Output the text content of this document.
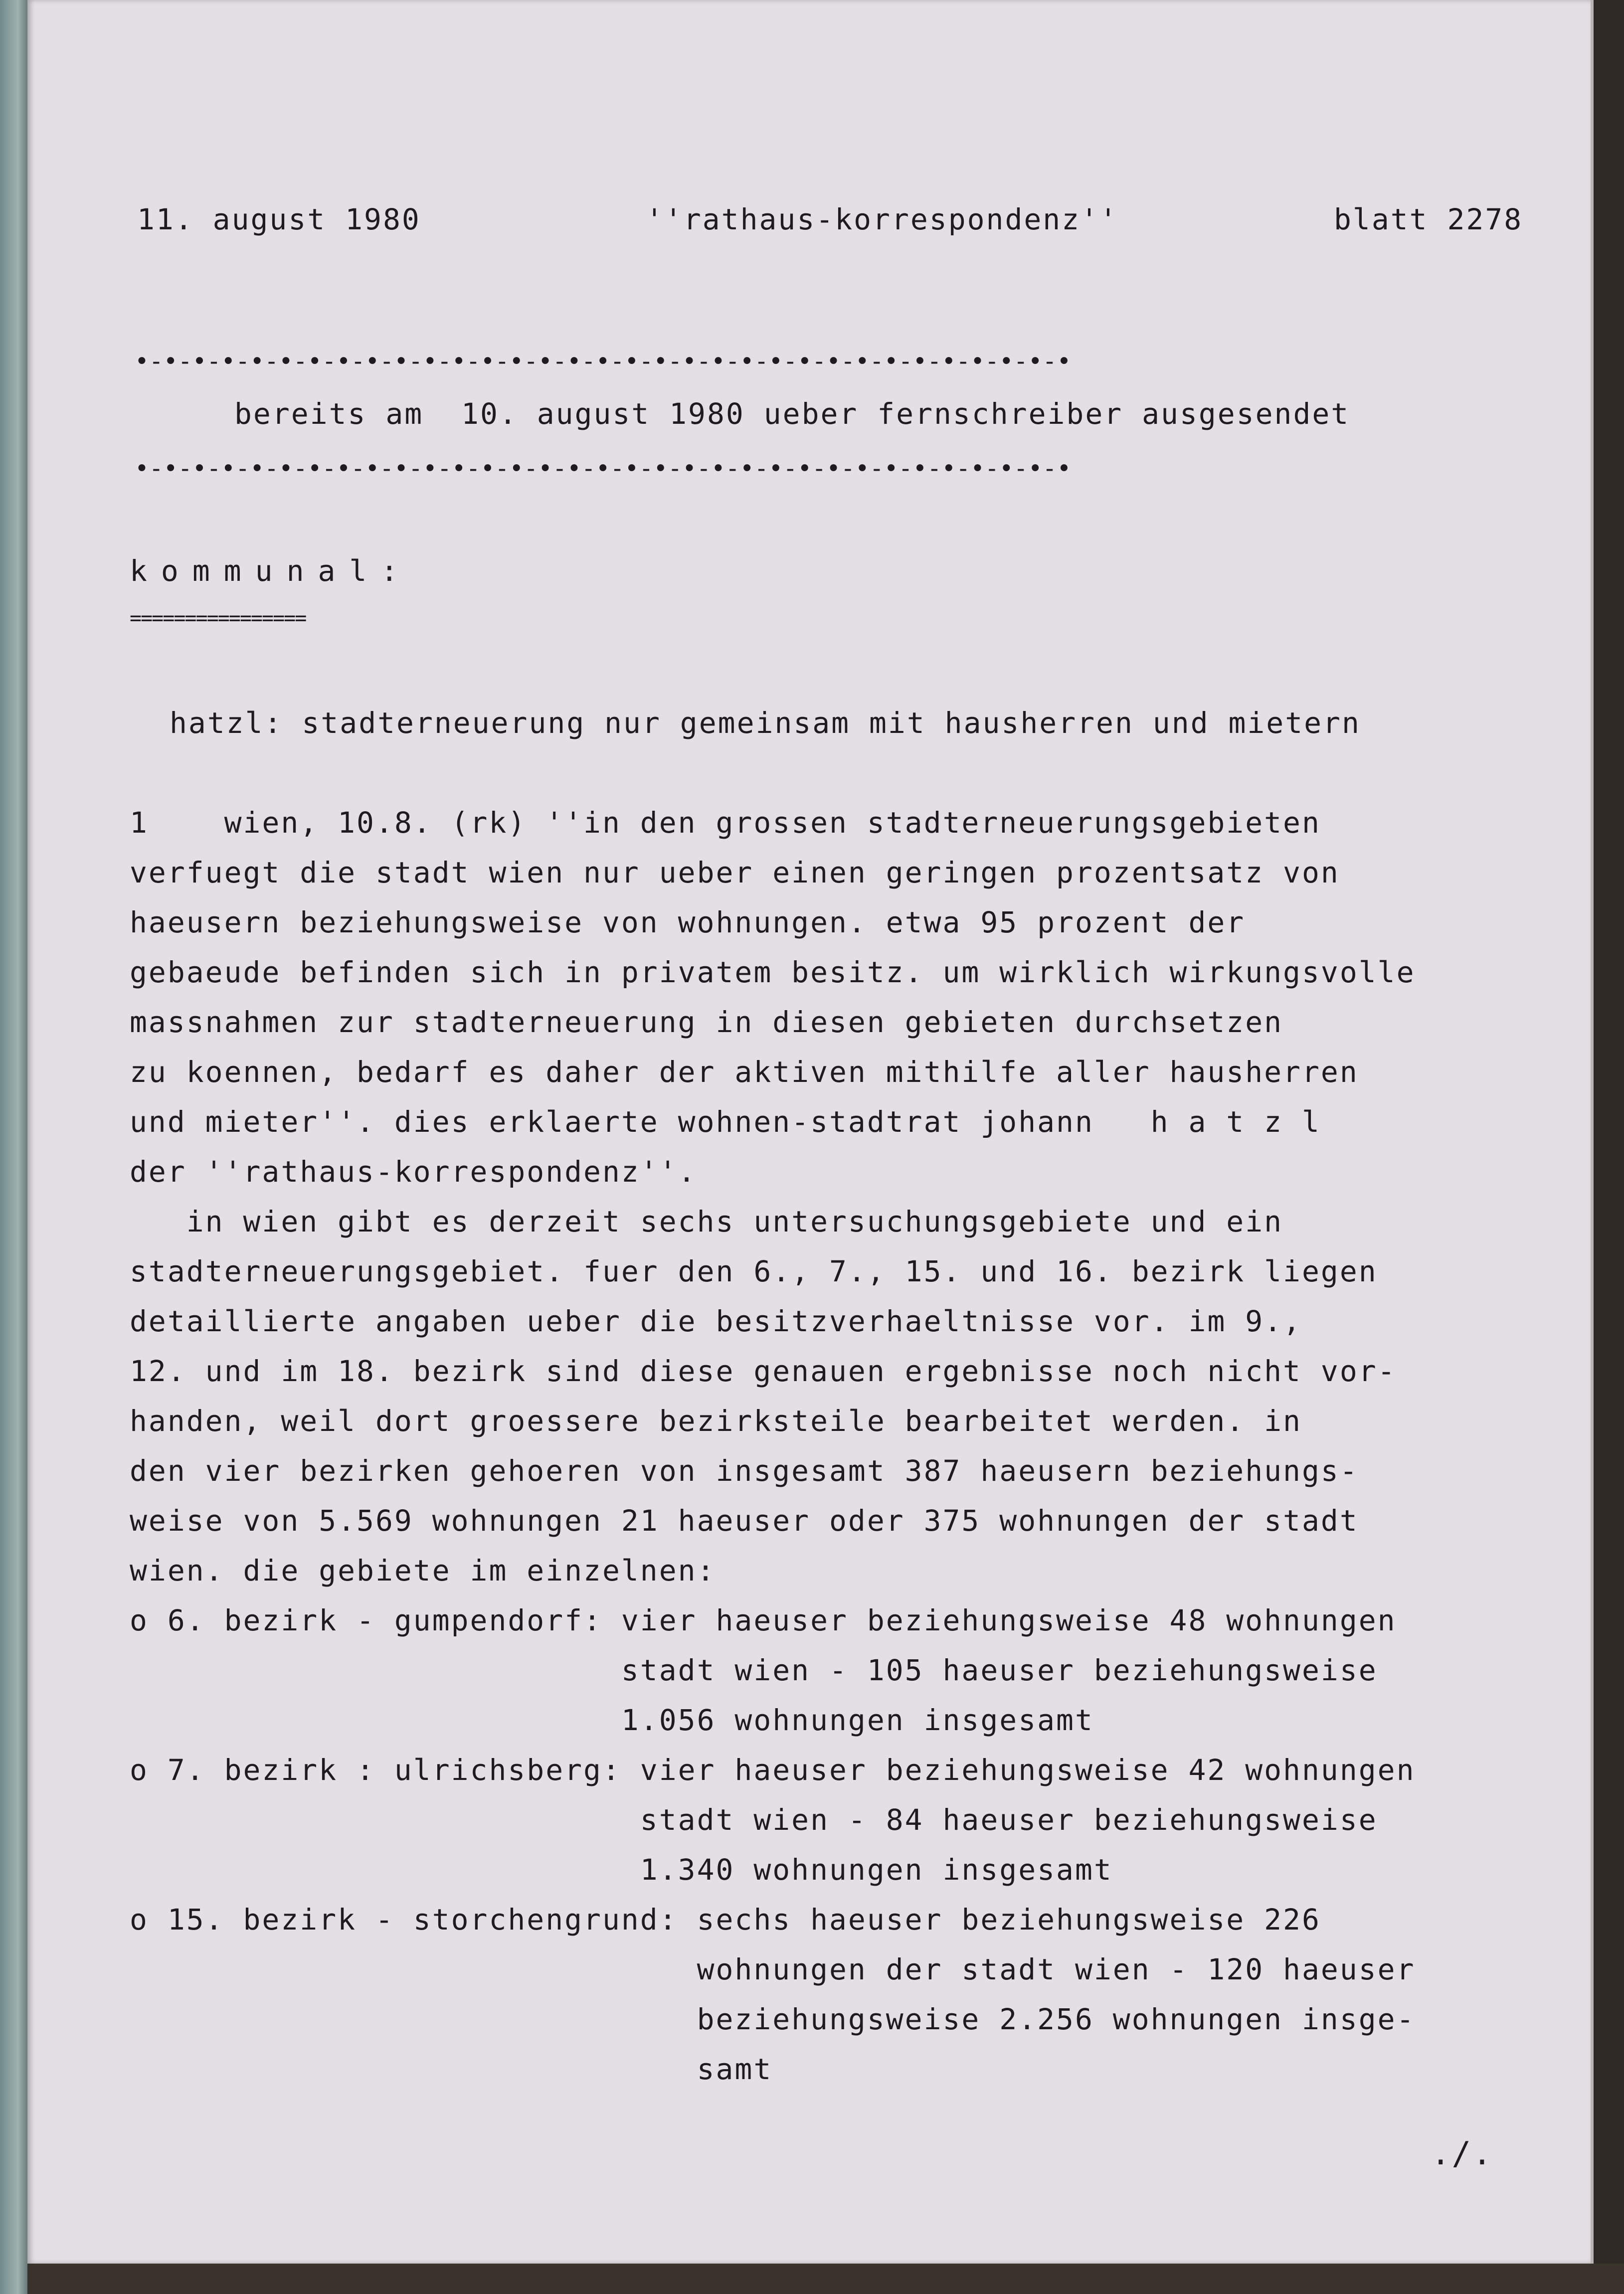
11. august 1980	''rathaus-korrespondenz''	blatt 2278
•-•-•-•-•-•-•-•-•-•-•-•-•-•-•-•-•-•-•-•-•-•-•-•-•-•-•-•-•-•-•-•-•
bereits am  10. august 1980 ueber fernschreiber ausgesendet
•-•-•-•-•-•-•-•-•-•-•-•-•-•-•-•-•-•-•-•-•-•-•-•-•-•-•-•-•-•-•-•-•
kommunal:
================
hatzl: stadterneuerung nur gemeinsam mit hausherren und mietern
1    wien, 10.8. (rk) ''in den grossen stadterneuerungsgebieten
verfuegt die stadt wien nur ueber einen geringen prozentsatz von
haeusern beziehungsweise von wohnungen. etwa 95 prozent der
gebaeude befinden sich in privatem besitz. um wirklich wirkungsvolle
massnahmen zur stadterneuerung in diesen gebieten durchsetzen
zu koennen, bedarf es daher der aktiven mithilfe aller hausherren
und mieter''. dies erklaerte wohnen-stadtrat johann   h a t z l
der ''rathaus-korrespondenz''.
in wien gibt es derzeit sechs untersuchungsgebiete und ein
stadterneuerungsgebiet. fuer den 6., 7., 15. und 16. bezirk liegen
detaillierte angaben ueber die besitzverhaeltnisse vor. im 9.,
12. und im 18. bezirk sind diese genauen ergebnisse noch nicht vor-
handen, weil dort groessere bezirksteile bearbeitet werden. in
den vier bezirken gehoeren von insgesamt 387 haeusern beziehungs-
weise von 5.569 wohnungen 21 haeuser oder 375 wohnungen der stadt
wien. die gebiete im einzelnen:
o 6. bezirk - gumpendorf: vier haeuser beziehungsweise 48 wohnungen
stadt wien - 105 haeuser beziehungsweise
1.056 wohnungen insgesamt
o 7. bezirk : ulrichsberg: vier haeuser beziehungsweise 42 wohnungen
stadt wien - 84 haeuser beziehungsweise
1.340 wohnungen insgesamt
o 15. bezirk - storchengrund: sechs haeuser beziehungsweise 226
wohnungen der stadt wien - 120 haeuser
beziehungsweise 2.256 wohnungen insge-
samt
./.
